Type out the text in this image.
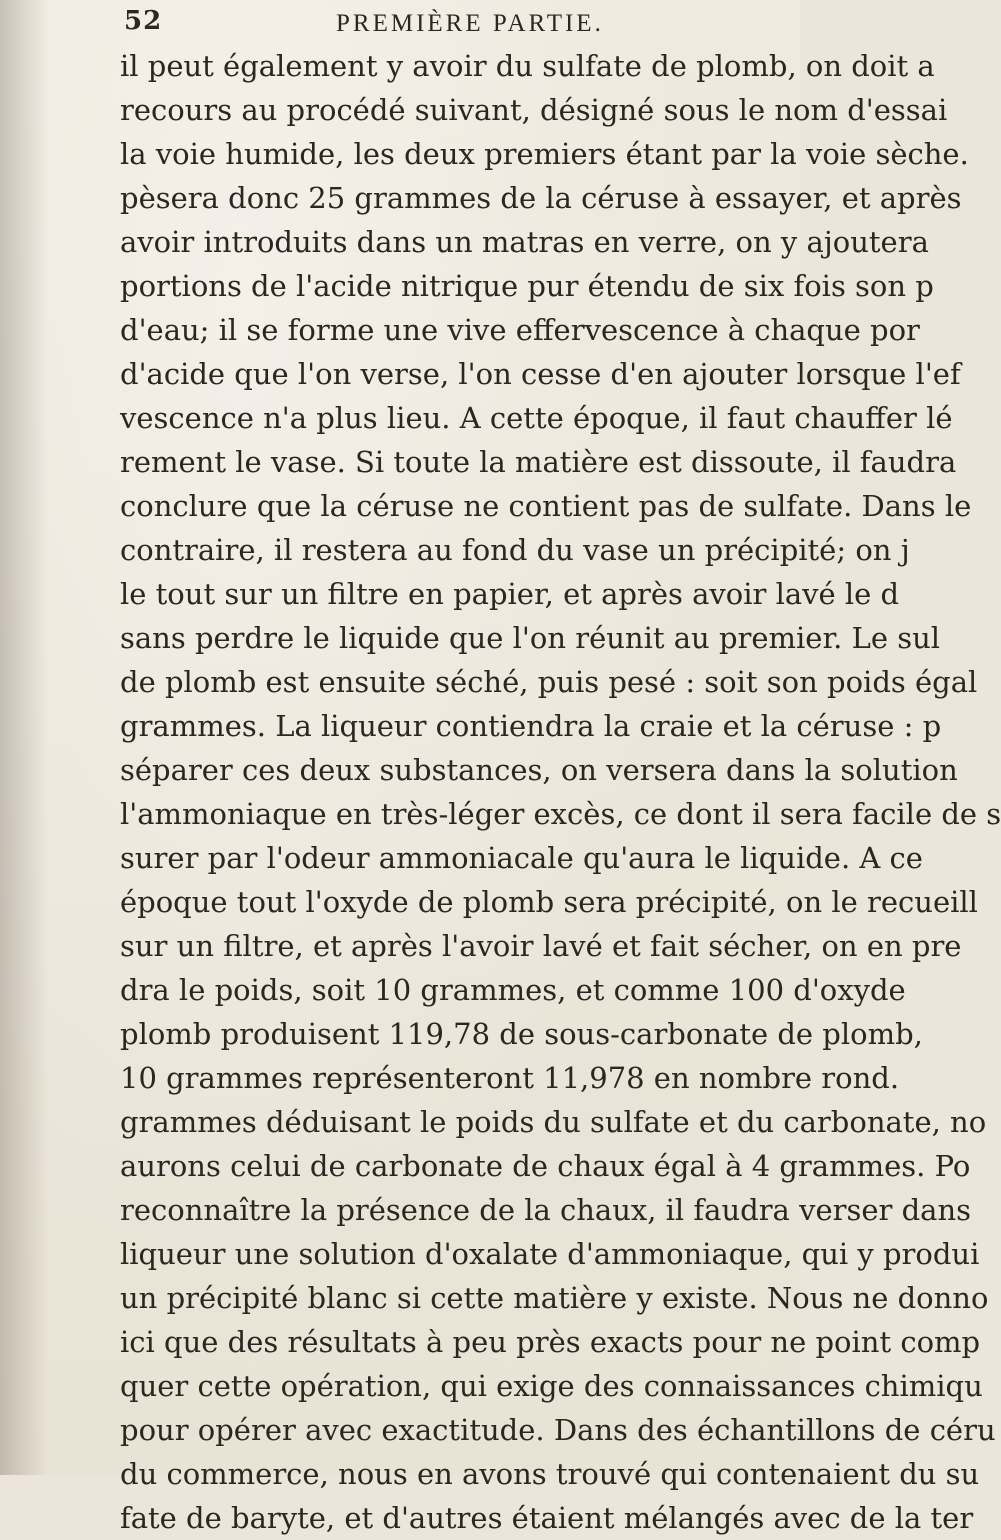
52	PREMIÈRE PARTIE.
il peut également y avoir du sulfate de plomb, on doit a
recours au procédé suivant, désigné sous le nom d'essai
la voie humide, les deux premiers étant par la voie sèche.
pèsera donc 25 grammes de la céruse à essayer, et après
avoir introduits dans un matras en verre, on y ajoutera
portions de l'acide nitrique pur étendu de six fois son p
d'eau; il se forme une vive effervescence à chaque por
d'acide que l'on verse, l'on cesse d'en ajouter lorsque l'ef
vescence n'a plus lieu. A cette époque, il faut chauffer lé
rement le vase. Si toute la matière est dissoute, il faudra
conclure que la céruse ne contient pas de sulfate. Dans le
contraire, il restera au fond du vase un précipité; on j
le tout sur un filtre en papier, et après avoir lavé le d
sans perdre le liquide que l'on réunit au premier. Le sul
de plomb est ensuite séché, puis pesé : soit son poids égal
grammes. La liqueur contiendra la craie et la céruse : p
séparer ces deux substances, on versera dans la solution
l'ammoniaque en très-léger excès, ce dont il sera facile de s
surer par l'odeur ammoniacale qu'aura le liquide. A ce
époque tout l'oxyde de plomb sera précipité, on le recueill
sur un filtre, et après l'avoir lavé et fait sécher, on en pre
dra le poids, soit 10 grammes, et comme 100 d'oxyde
plomb produisent 119,78 de sous-carbonate de plomb,
10 grammes représenteront 11,978 en nombre rond.
grammes déduisant le poids du sulfate et du carbonate, no
aurons celui de carbonate de chaux égal à 4 grammes. Po
reconnaître la présence de la chaux, il faudra verser dans
liqueur une solution d'oxalate d'ammoniaque, qui y produi
un précipité blanc si cette matière y existe. Nous ne donno
ici que des résultats à peu près exacts pour ne point comp
quer cette opération, qui exige des connaissances chimiqu
pour opérer avec exactitude. Dans des échantillons de céru
du commerce, nous en avons trouvé qui contenaient du su
fate de baryte, et d'autres étaient mélangés avec de la ter
